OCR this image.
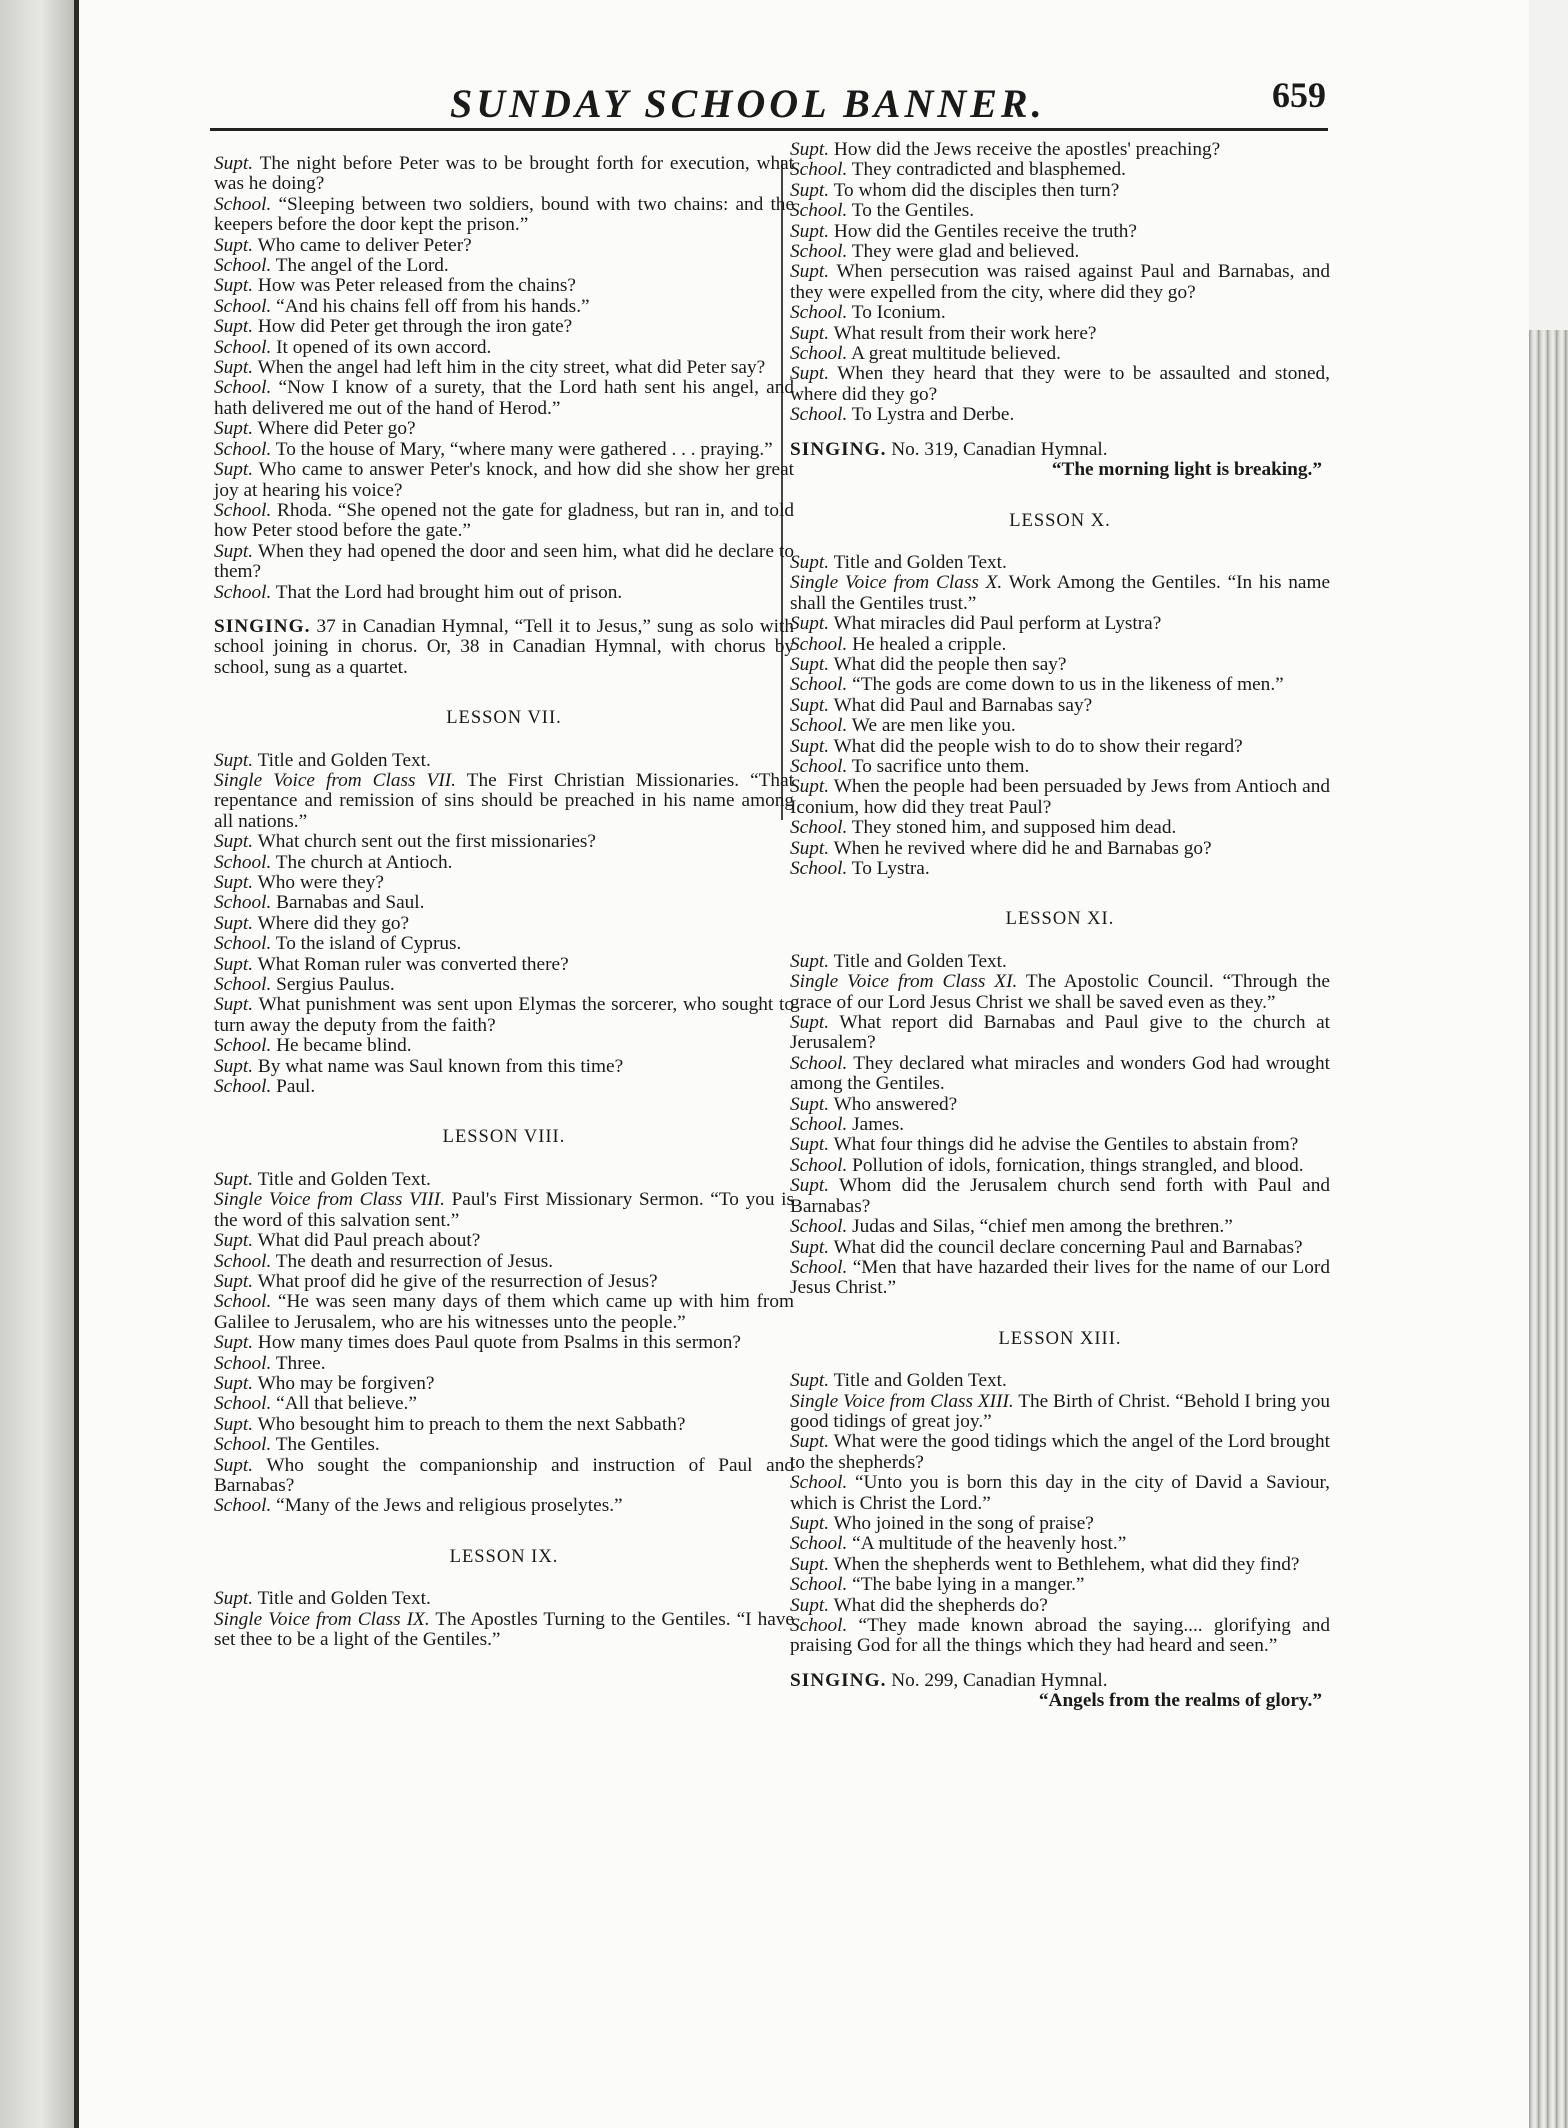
SUNDAY SCHOOL BANNER.	659

Supt. The night before Peter was to be brought forth for execution, what was he doing?

School. “Sleeping between two soldiers, bound with two chains: and the keepers before the door kept the prison.”

Supt. Who came to deliver Peter?

School. The angel of the Lord.

Supt. How was Peter released from the chains?

School. “And his chains fell off from his hands.”

Supt. How did Peter get through the iron gate?

School. It opened of its own accord.

Supt. When the angel had left him in the city street, what did Peter say?

School. “Now I know of a surety, that the Lord hath sent his angel, and hath delivered me out of the hand of Herod.”

Supt. Where did Peter go?

School. To the house of Mary, “where many were gathered . . . praying.”

Supt. Who came to answer Peter's knock, and how did she show her great joy at hearing his voice?

School. Rhoda. “She opened not the gate for gladness, but ran in, and told how Peter stood before the gate.”

Supt. When they had opened the door and seen him, what did he declare to them?

School. That the Lord had brought him out of prison.

SINGING. 37 in Canadian Hymnal, “Tell it to Jesus,” sung as solo with school joining in chorus. Or, 38 in Canadian Hymnal, with chorus by school, sung as a quartet.

LESSON VII.

Supt. Title and Golden Text.

Single Voice from Class VII. The First Christian Missionaries. “That repentance and remission of sins should be preached in his name among all nations.”

Supt. What church sent out the first missionaries?

School. The church at Antioch.

Supt. Who were they?

School. Barnabas and Saul.

Supt. Where did they go?

School. To the island of Cyprus.

Supt. What Roman ruler was converted there?

School. Sergius Paulus.

Supt. What punishment was sent upon Elymas the sorcerer, who sought to turn away the deputy from the faith?

School. He became blind.

Supt. By what name was Saul known from this time?

School. Paul.

LESSON VIII.

Supt. Title and Golden Text.

Single Voice from Class VIII. Paul's First Missionary Sermon. “To you is the word of this salvation sent.”

Supt. What did Paul preach about?

School. The death and resurrection of Jesus.

Supt. What proof did he give of the resurrection of Jesus?

School. “He was seen many days of them which came up with him from Galilee to Jerusalem, who are his witnesses unto the people.”

Supt. How many times does Paul quote from Psalms in this sermon?

School. Three.

Supt. Who may be forgiven?

School. “All that believe.”

Supt. Who besought him to preach to them the next Sabbath?

School. The Gentiles.

Supt. Who sought the companionship and instruction of Paul and Barnabas?

School. “Many of the Jews and religious proselytes.”

LESSON IX.

Supt. Title and Golden Text.

Single Voice from Class IX. The Apostles Turning to the Gentiles. “I have set thee to be a light of the Gentiles.”

Supt. How did the Jews receive the apostles' preaching?

School. They contradicted and blasphemed.

Supt. To whom did the disciples then turn?

School. To the Gentiles.

Supt. How did the Gentiles receive the truth?

School. They were glad and believed.

Supt. When persecution was raised against Paul and Barnabas, and they were expelled from the city, where did they go?

School. To Iconium.

Supt. What result from their work here?

School. A great multitude believed.

Supt. When they heard that they were to be assaulted and stoned, where did they go?

School. To Lystra and Derbe.

SINGING. No. 319, Canadian Hymnal.

“The morning light is breaking.”
LESSON X.

Supt. Title and Golden Text.

Single Voice from Class X. Work Among the Gentiles. “In his name shall the Gentiles trust.”

Supt. What miracles did Paul perform at Lystra?

School. He healed a cripple.

Supt. What did the people then say?

School. “The gods are come down to us in the likeness of men.”

Supt. What did Paul and Barnabas say?

School. We are men like you.

Supt. What did the people wish to do to show their regard?

School. To sacrifice unto them.

Supt. When the people had been persuaded by Jews from Antioch and Iconium, how did they treat Paul?

School. They stoned him, and supposed him dead.

Supt. When he revived where did he and Barnabas go?

School. To Lystra.

LESSON XI.

Supt. Title and Golden Text.

Single Voice from Class XI. The Apostolic Council. “Through the grace of our Lord Jesus Christ we shall be saved even as they.”

Supt. What report did Barnabas and Paul give to the church at Jerusalem?

School. They declared what miracles and wonders God had wrought among the Gentiles.

Supt. Who answered?

School. James.

Supt. What four things did he advise the Gentiles to abstain from?

School. Pollution of idols, fornication, things strangled, and blood.

Supt. Whom did the Jerusalem church send forth with Paul and Barnabas?

School. Judas and Silas, “chief men among the brethren.”

Supt. What did the council declare concerning Paul and Barnabas?

School. “Men that have hazarded their lives for the name of our Lord Jesus Christ.”

LESSON XIII.

Supt. Title and Golden Text.

Single Voice from Class XIII. The Birth of Christ. “Behold I bring you good tidings of great joy.”

Supt. What were the good tidings which the angel of the Lord brought to the shepherds?

School. “Unto you is born this day in the city of David a Saviour, which is Christ the Lord.”

Supt. Who joined in the song of praise?

School. “A multitude of the heavenly host.”

Supt. When the shepherds went to Bethlehem, what did they find?

School. “The babe lying in a manger.”

Supt. What did the shepherds do?

School. “They made known abroad the saying.... glorifying and praising God for all the things which they had heard and seen.”

SINGING. No. 299, Canadian Hymnal.

“Angels from the realms of glory.”
